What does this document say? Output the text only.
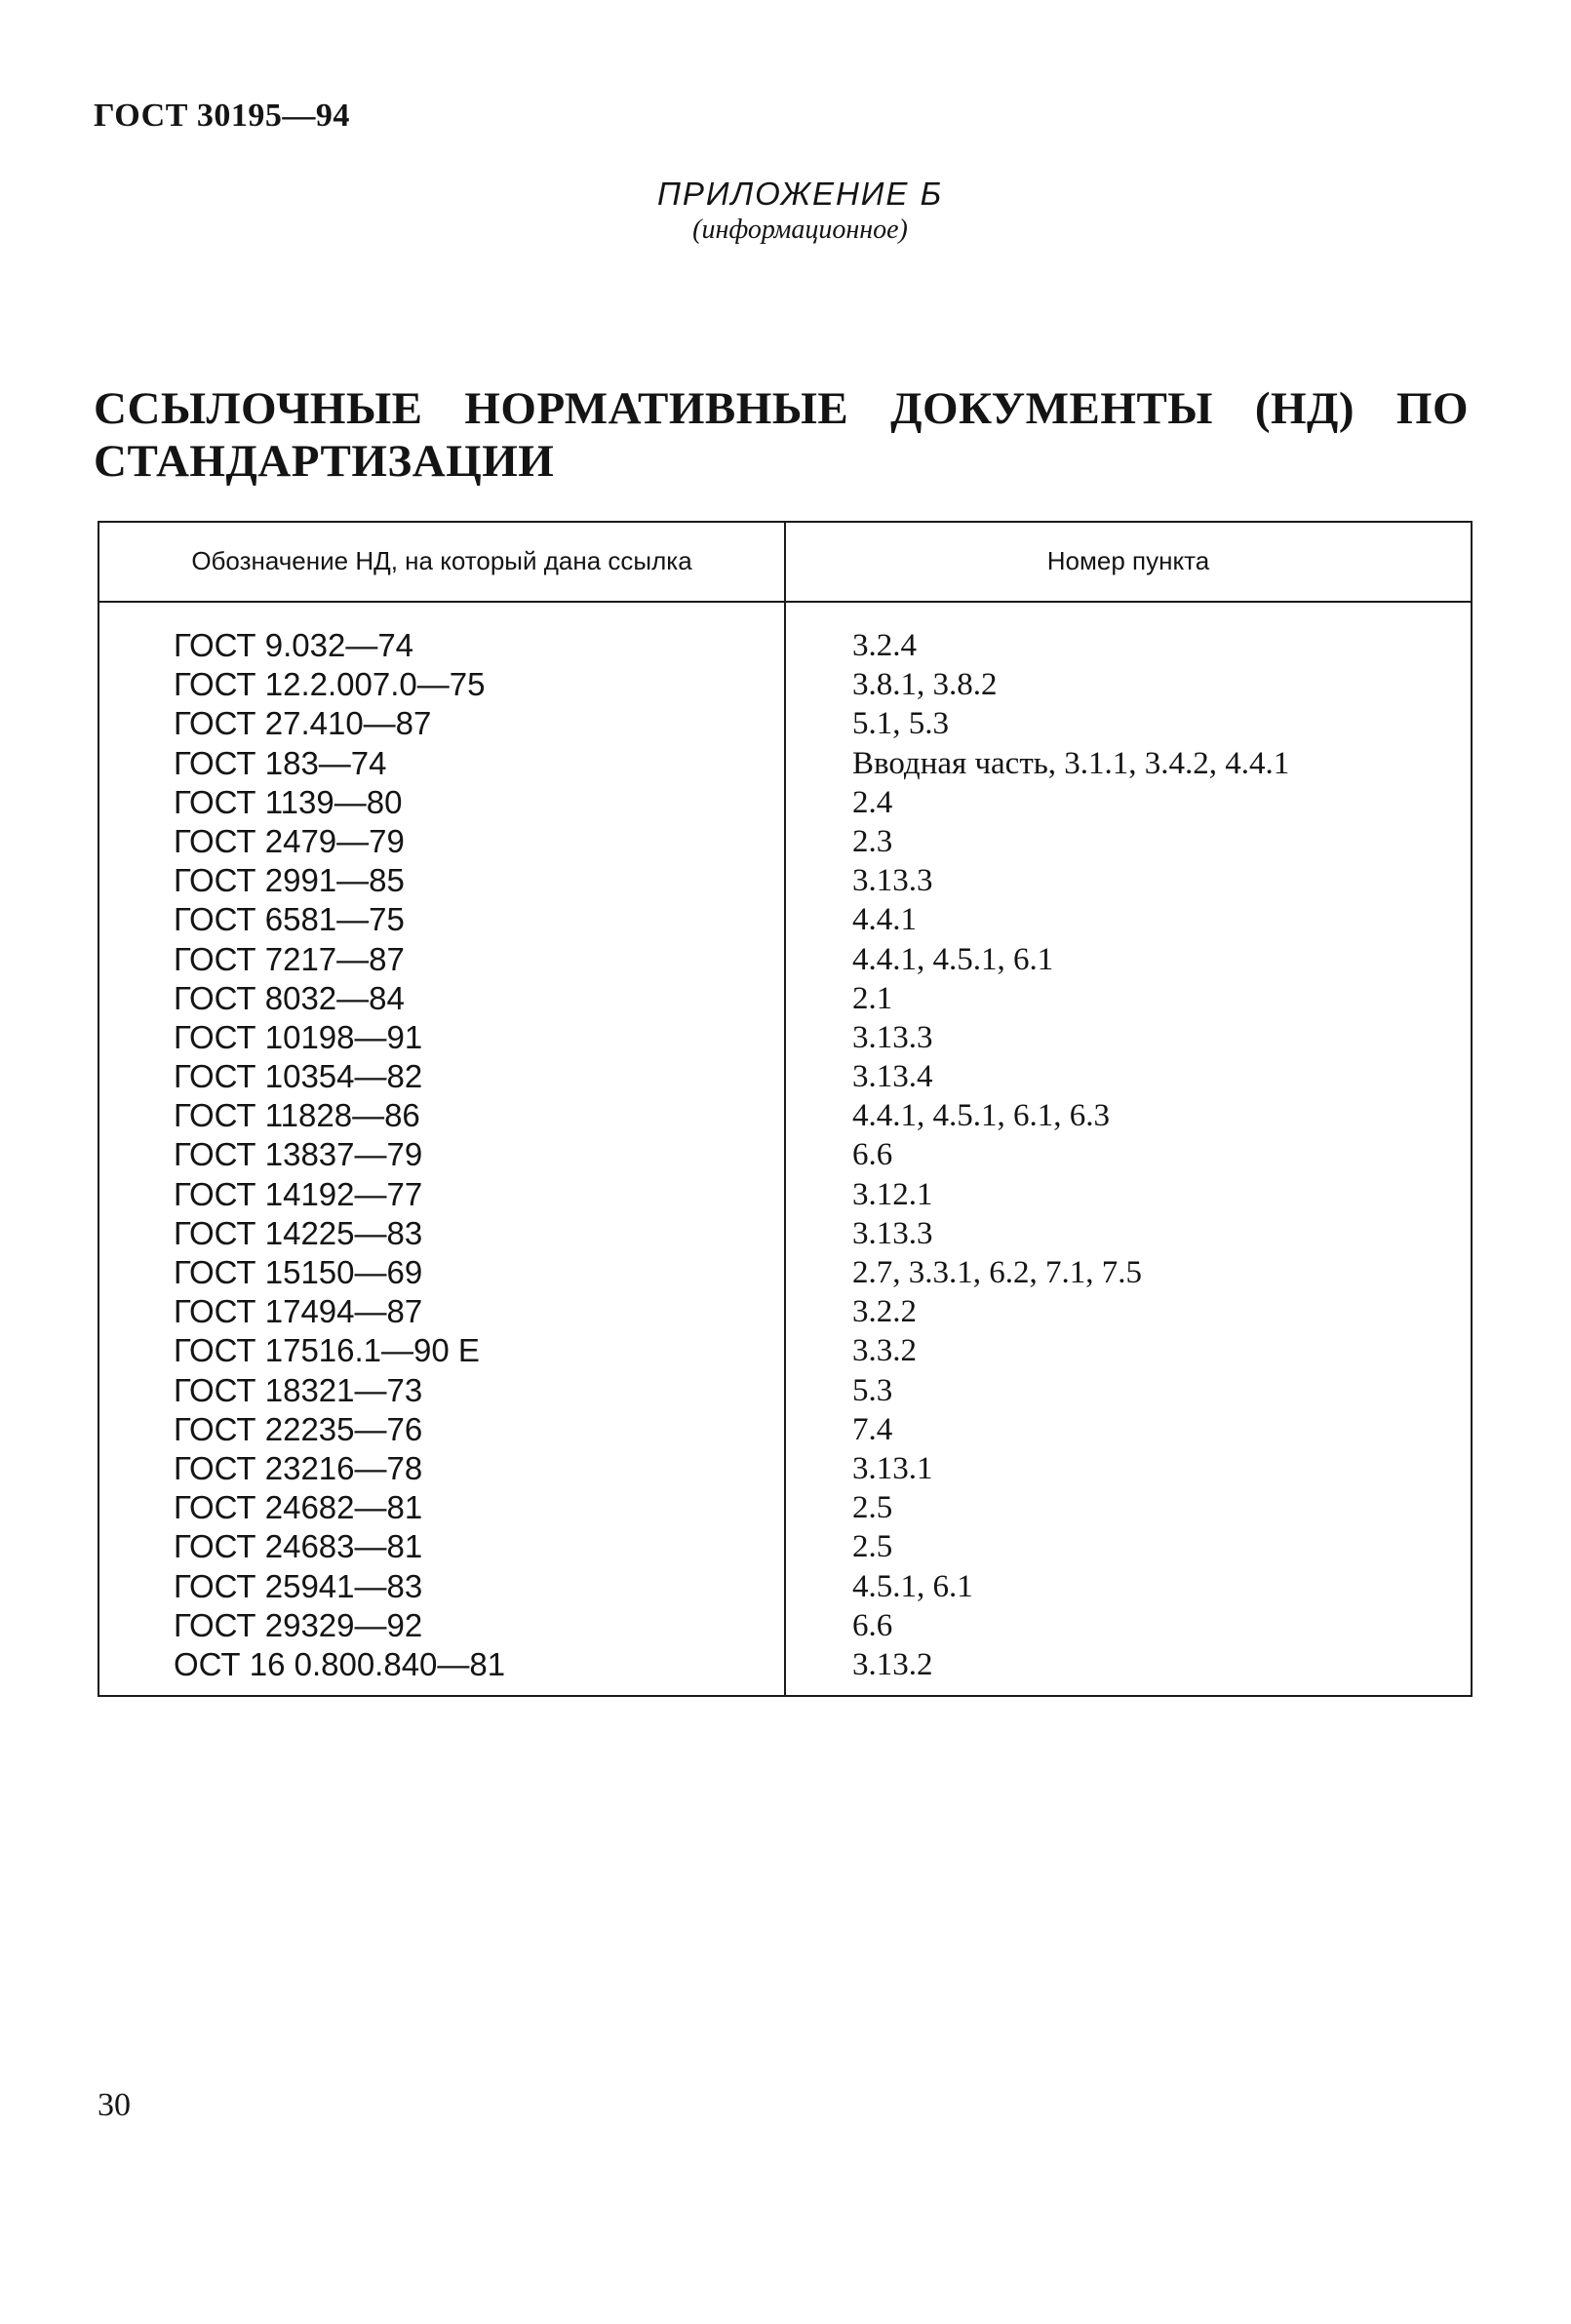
ГОСТ 30195—94
ПРИЛОЖЕНИЕ Б
(информационное)
ССЫЛОЧНЫЕ НОРМАТИВНЫЕ ДОКУМЕНТЫ (НД) ПО СТАНДАРТИЗАЦИИ
Обозначение НД, на который дана ссылка	Номер пункта
ГОСТ 9.032—74	3.2.4
ГОСТ 12.2.007.0—75	3.8.1, 3.8.2
ГОСТ 27.410—87	5.1, 5.3
ГОСТ 183—74	Вводная часть, 3.1.1, 3.4.2, 4.4.1
ГОСТ 1139—80	2.4
ГОСТ 2479—79	2.3
ГОСТ 2991—85	3.13.3
ГОСТ 6581—75	4.4.1
ГОСТ 7217—87	4.4.1, 4.5.1, 6.1
ГОСТ 8032—84	2.1
ГОСТ 10198—91	3.13.3
ГОСТ 10354—82	3.13.4
ГОСТ 11828—86	4.4.1, 4.5.1, 6.1, 6.3
ГОСТ 13837—79	6.6
ГОСТ 14192—77	3.12.1
ГОСТ 14225—83	3.13.3
ГОСТ 15150—69	2.7, 3.3.1, 6.2, 7.1, 7.5
ГОСТ 17494—87	3.2.2
ГОСТ 17516.1—90 Е	3.3.2
ГОСТ 18321—73	5.3
ГОСТ 22235—76	7.4
ГОСТ 23216—78	3.13.1
ГОСТ 24682—81	2.5
ГОСТ 24683—81	2.5
ГОСТ 25941—83	4.5.1, 6.1
ГОСТ 29329—92	6.6
ОСТ 16 0.800.840—81	3.13.2
30
